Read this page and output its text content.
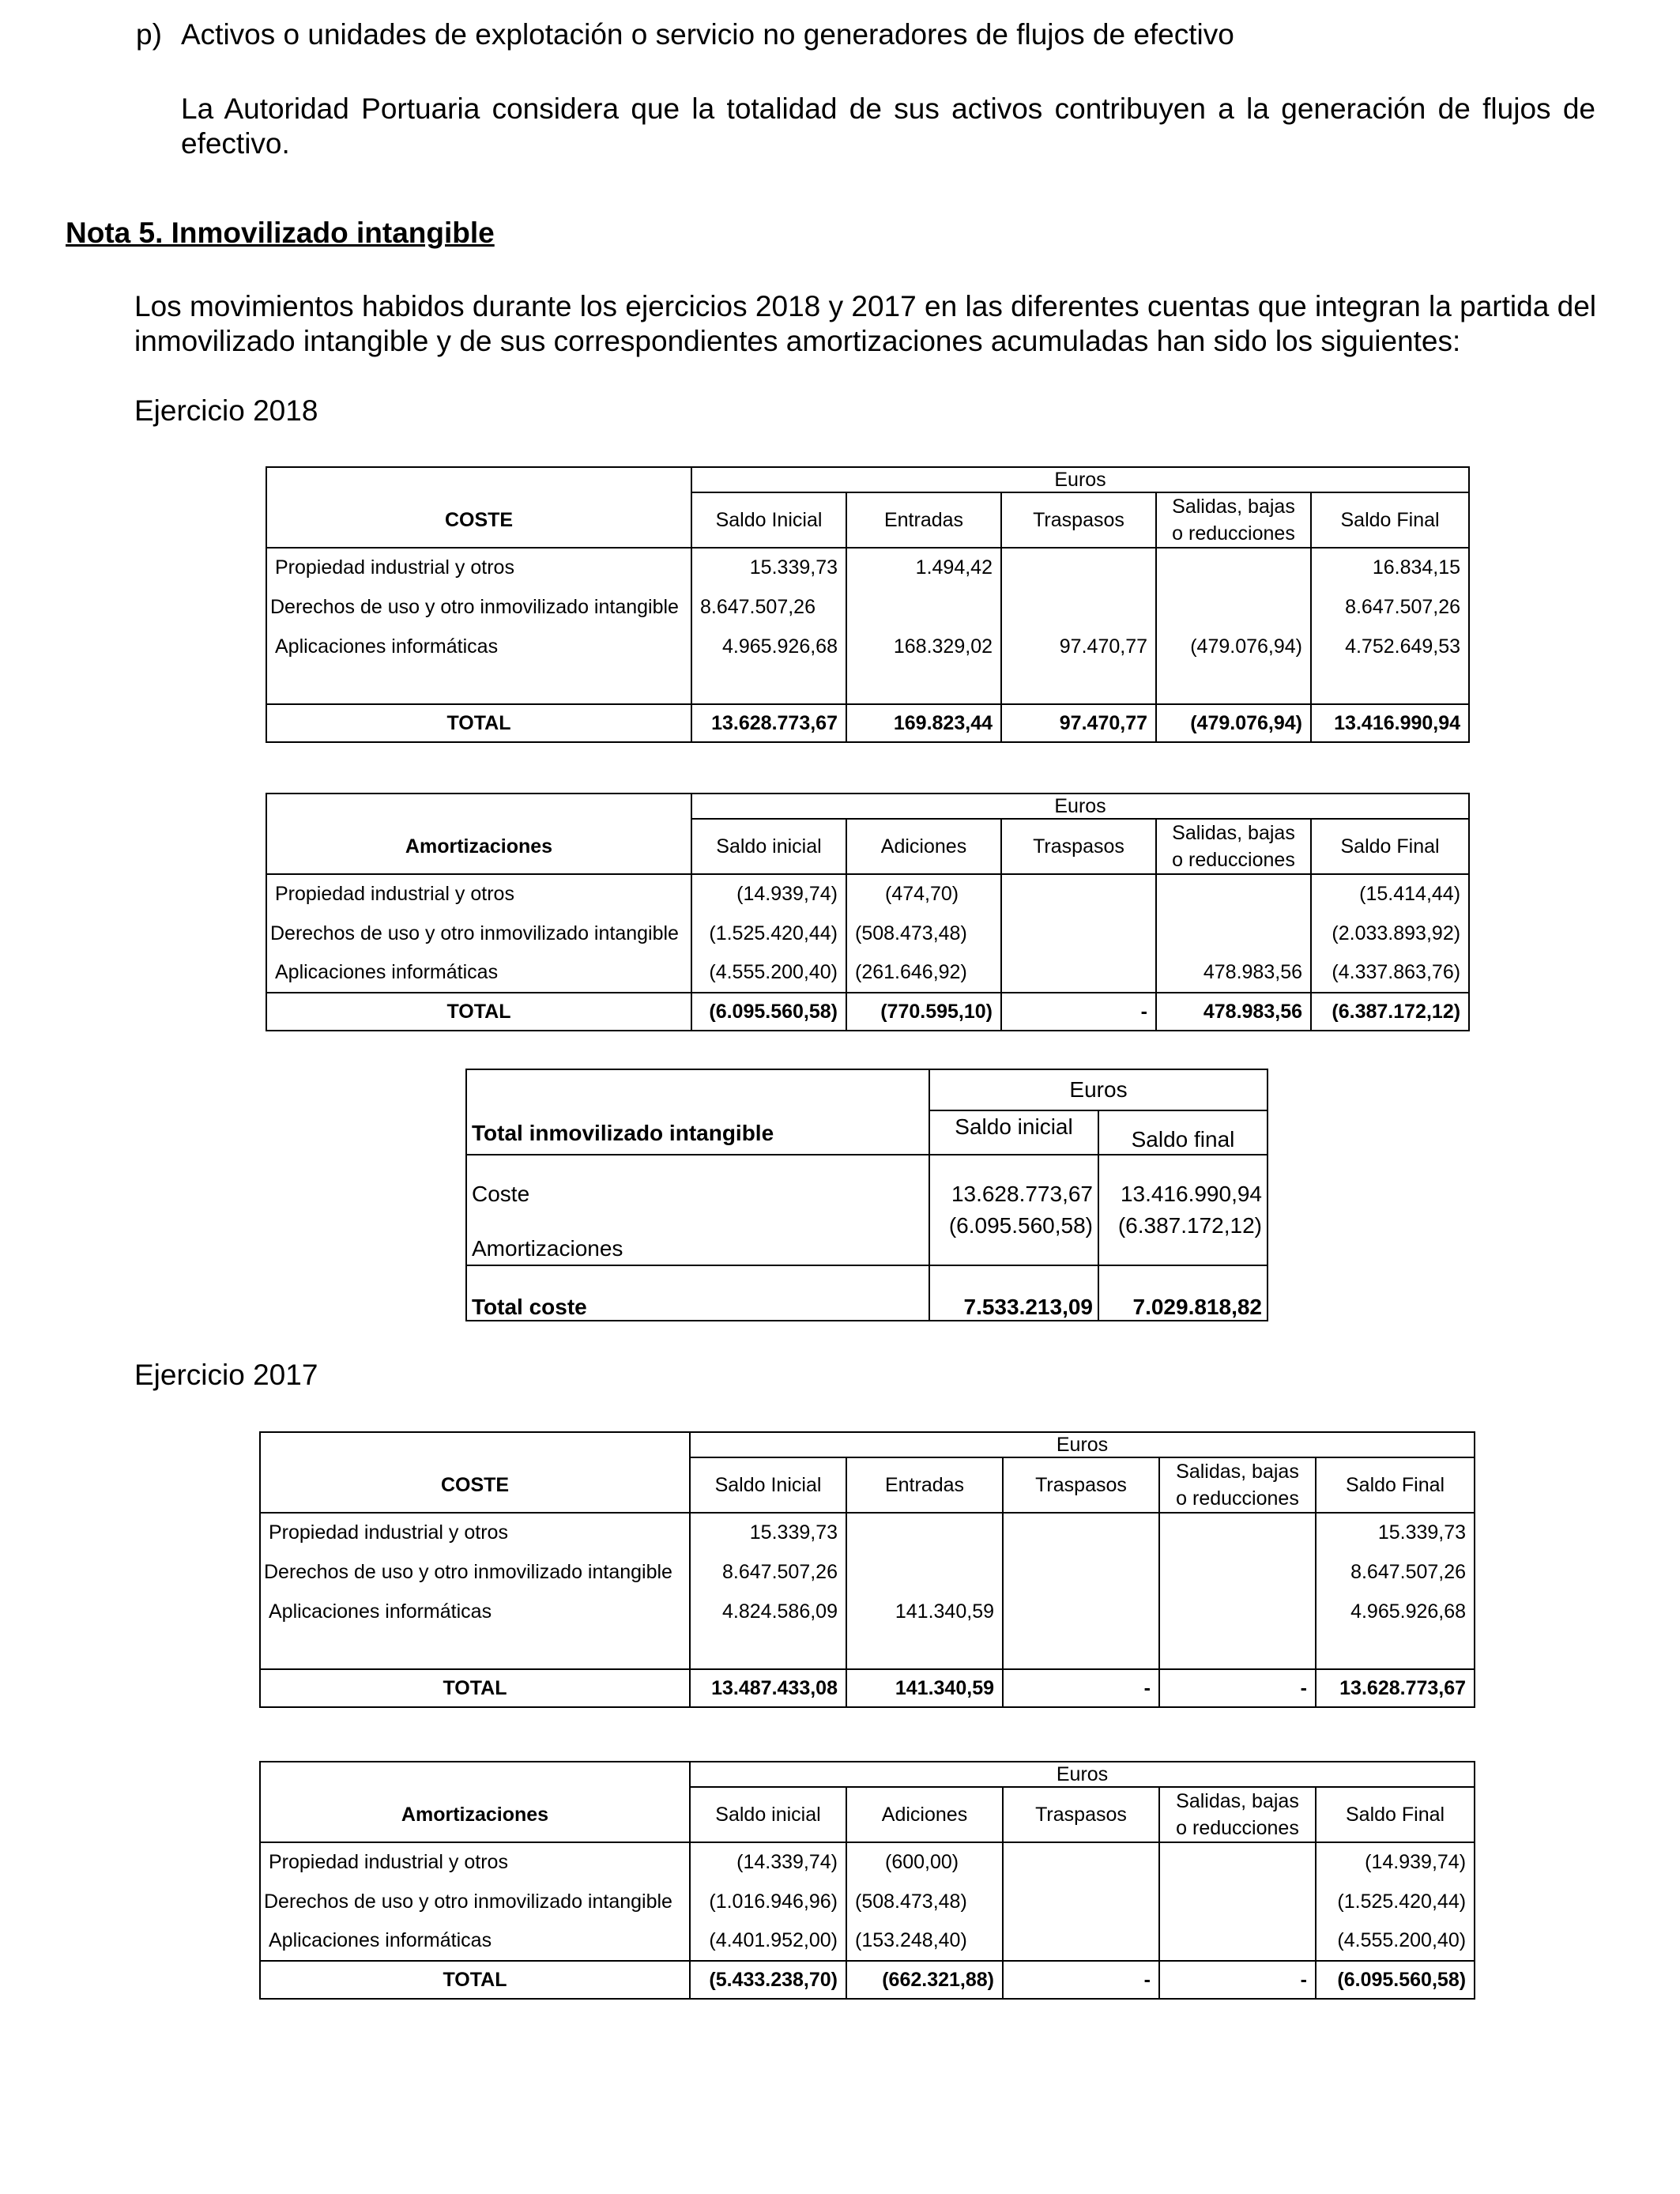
p) Activos o unidades de explotación o servicio no generadores de flujos de efectivo
La Autoridad Portuaria considera que la totalidad de sus activos contribuyen a la generación de flujos de efectivo.
Nota 5. Inmovilizado intangible
Los movimientos habidos durante los ejercicios 2018 y 2017 en las diferentes cuentas que integran la partida del inmovilizado intangible y de sus correspondientes amortizaciones acumuladas han sido los siguientes:
Ejercicio 2018
COSTE	Euros				
	Saldo Inicial	Entradas	Traspasos	Salidas, bajas o reducciones	Saldo Final
Propiedad industrial y otros	15.339,73	1.494,42			16.834,15
Derechos de uso y otro inmovilizado intangible	8.647.507,26				8.647.507,26
Aplicaciones informáticas	4.965.926,68	168.329,02	97.470,77	(479.076,94)	4.752.649,53

TOTAL	13.628.773,67	169.823,44	97.470,77	(479.076,94)	13.416.990,94
Amortizaciones	Euros				
	Saldo inicial	Adiciones	Traspasos	Salidas, bajas o reducciones	Saldo Final
Propiedad industrial y otros	(14.939,74)	(474,70)			(15.414,44)
Derechos de uso y otro inmovilizado intangible	(1.525.420,44)	(508.473,48)			(2.033.893,92)
Aplicaciones informáticas	(4.555.200,40)	(261.646,92)		478.983,56	(4.337.863,76)
TOTAL	(6.095.560,58)	(770.595,10)	-	478.983,56	(6.387.172,12)
Total inmovilizado intangible	Euros	
	Saldo inicial	Saldo final
Coste	13.628.773,67	13.416.990,94
Amortizaciones	(6.095.560,58)	(6.387.172,12)
Total coste	7.533.213,09	7.029.818,82
Ejercicio 2017
COSTE	Euros				
	Saldo Inicial	Entradas	Traspasos	Salidas, bajas o reducciones	Saldo Final
Propiedad industrial y otros	15.339,73				15.339,73
Derechos de uso y otro inmovilizado intangible	8.647.507,26				8.647.507,26
Aplicaciones informáticas	4.824.586,09	141.340,59			4.965.926,68

TOTAL	13.487.433,08	141.340,59	-	-	13.628.773,67
Amortizaciones	Euros				
	Saldo inicial	Adiciones	Traspasos	Salidas, bajas o reducciones	Saldo Final
Propiedad industrial y otros	(14.339,74)	(600,00)			(14.939,74)
Derechos de uso y otro inmovilizado intangible	(1.016.946,96)	(508.473,48)			(1.525.420,44)
Aplicaciones informáticas	(4.401.952,00)	(153.248,40)			(4.555.200,40)
TOTAL	(5.433.238,70)	(662.321,88)	-	-	(6.095.560,58)
